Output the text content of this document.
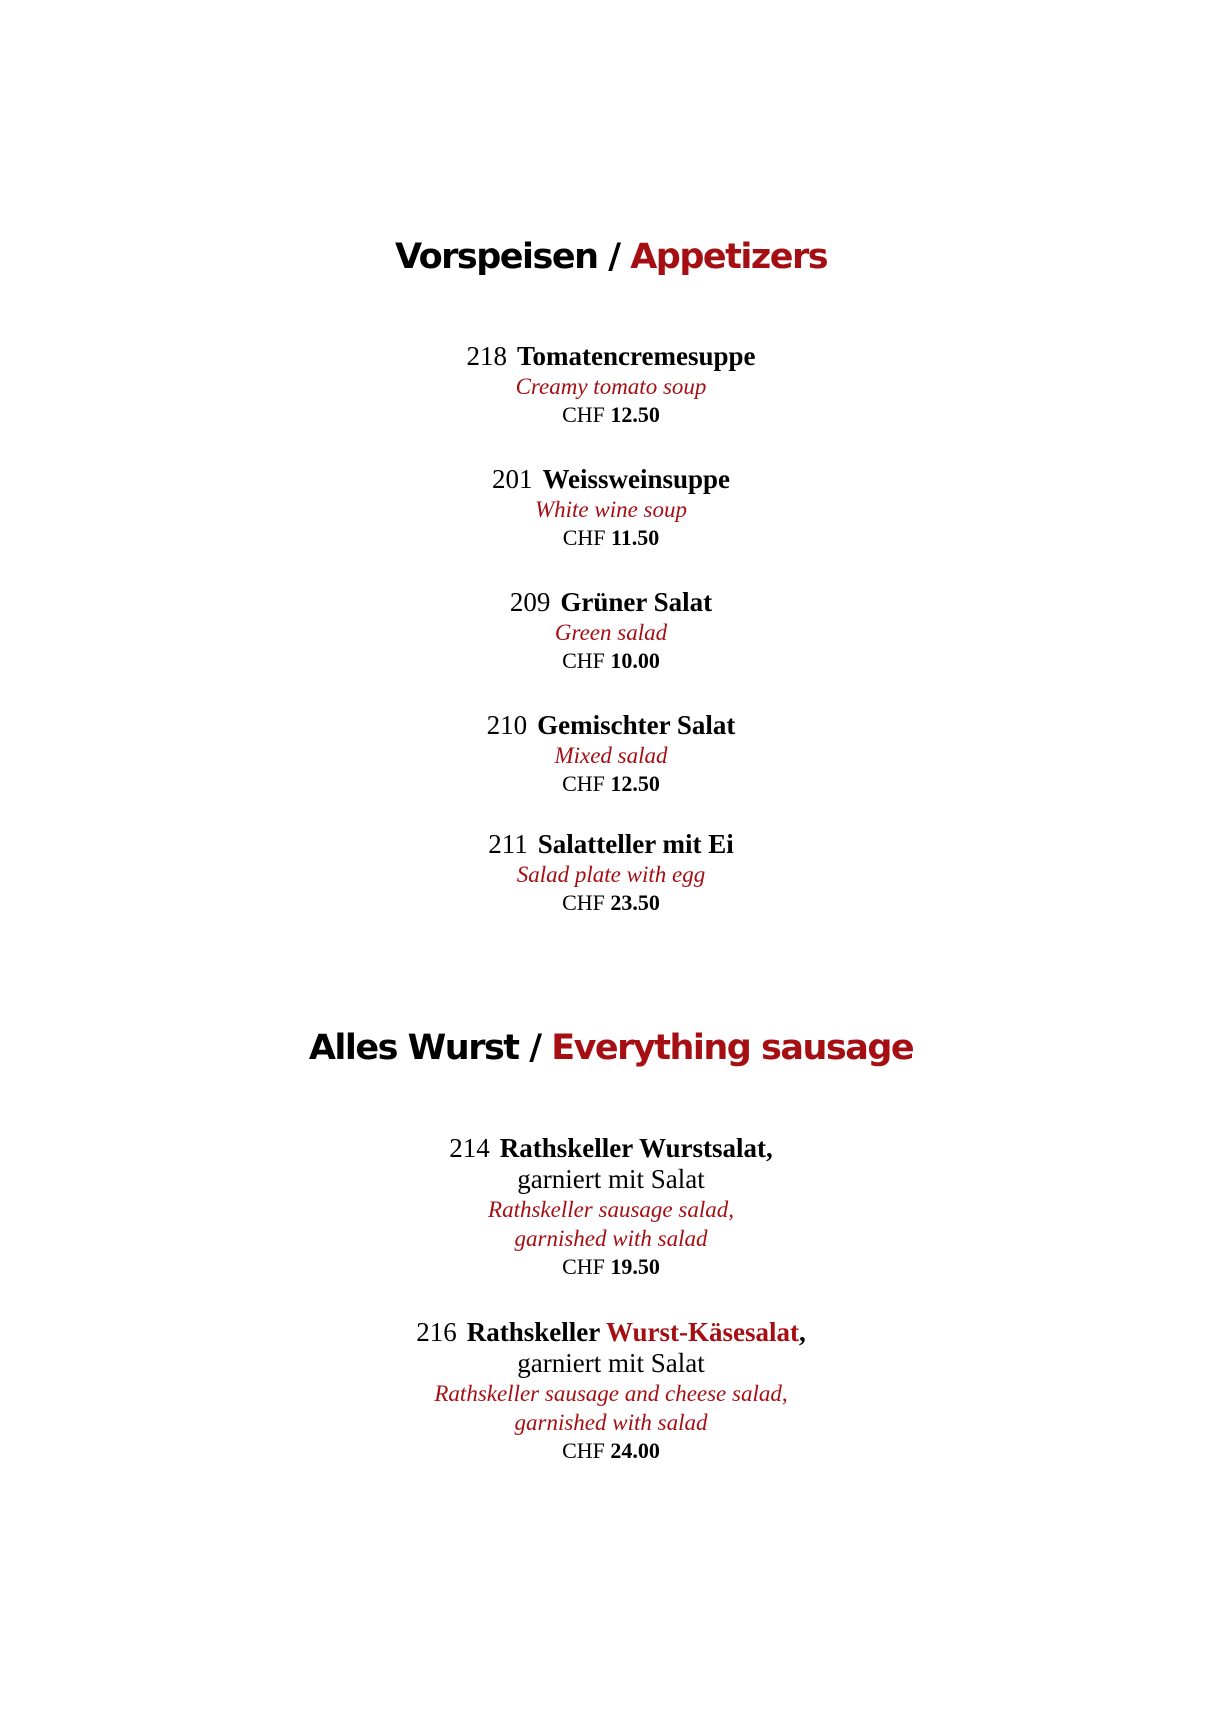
Vorspeisen / Appetizers
218 Tomatencremesuppe
Creamy tomato soup
CHF 12.50
201 Weissweinsuppe
White wine soup
CHF 11.50
209 Grüner Salat
Green salad
CHF 10.00
210 Gemischter Salat
Mixed salad
CHF 12.50
211 Salatteller mit Ei
Salad plate with egg
CHF 23.50
Alles Wurst / Everything sausage
214 Rathskeller Wurstsalat,
garniert mit Salat
Rathskeller sausage salad,
garnished with salad
CHF 19.50
216 Rathskeller Wurst-Käsesalat,
garniert mit Salat
Rathskeller sausage and cheese salad,
garnished with salad
CHF 24.00
